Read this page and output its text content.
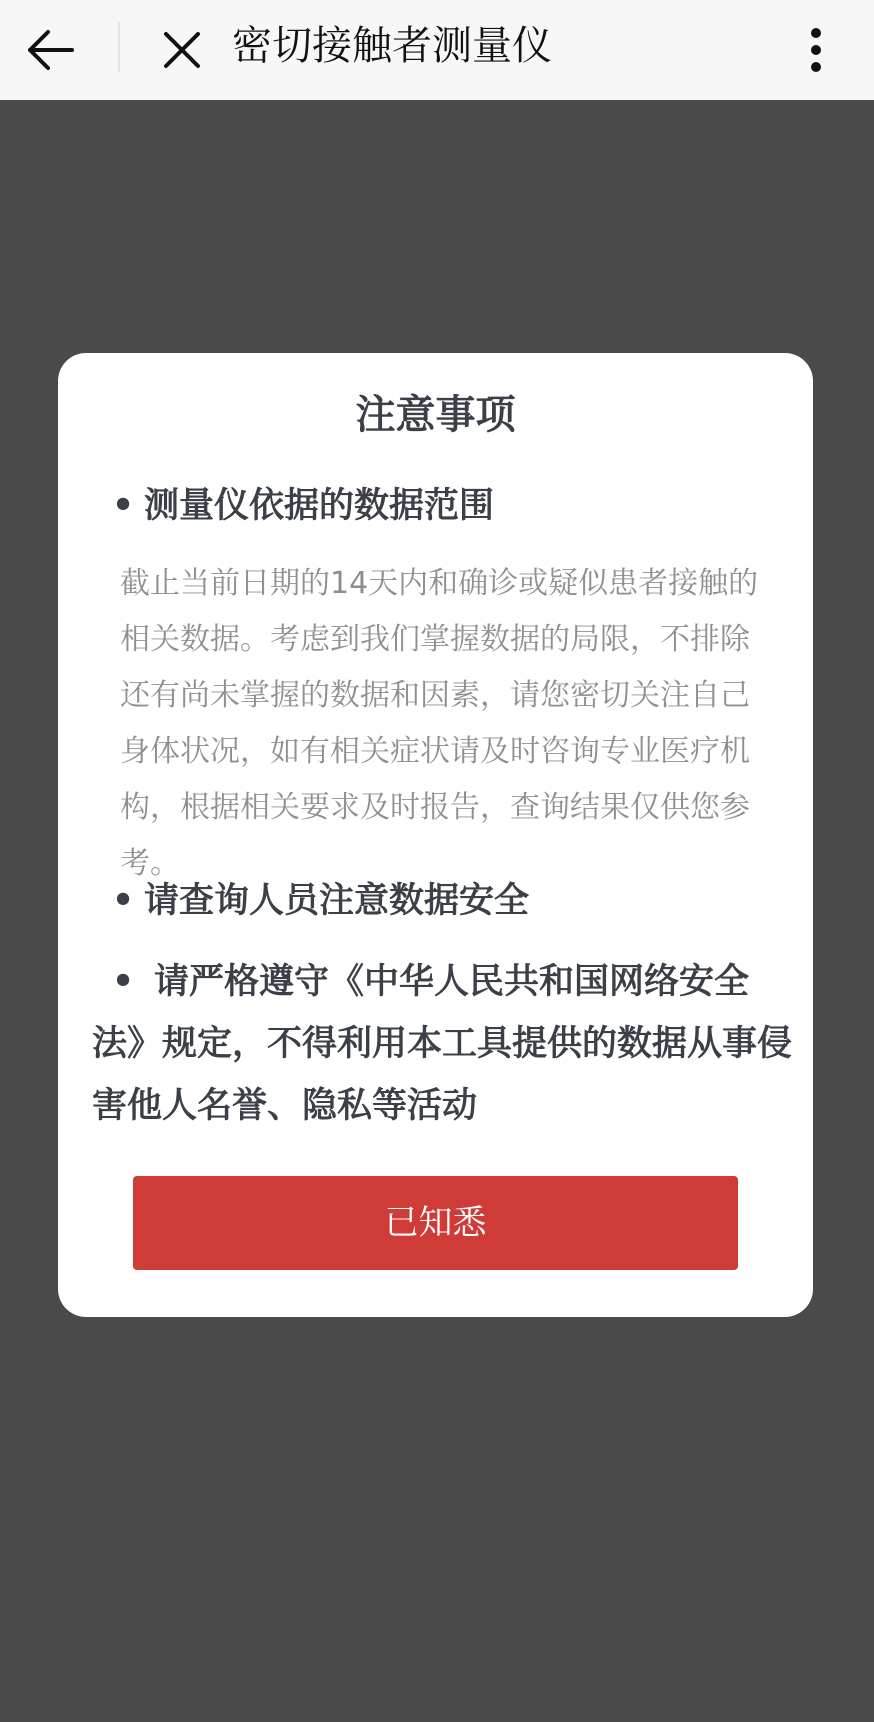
密切接触者测量仪
注意事项
• 测量仪依据的数据范围
截止当前日期的14天内和确诊或疑似患者接触的相关数据。考虑到我们掌握数据的局限，不排除还有尚未掌握的数据和因素，请您密切关注自己身体状况，如有相关症状请及时咨询专业医疗机构，根据相关要求及时报告，查询结果仅供您参考。
• 请查询人员注意数据安全
• 请严格遵守《中华人民共和国网络安全法》规定，不得利用本工具提供的数据从事侵害他人名誉、隐私等活动
已知悉
